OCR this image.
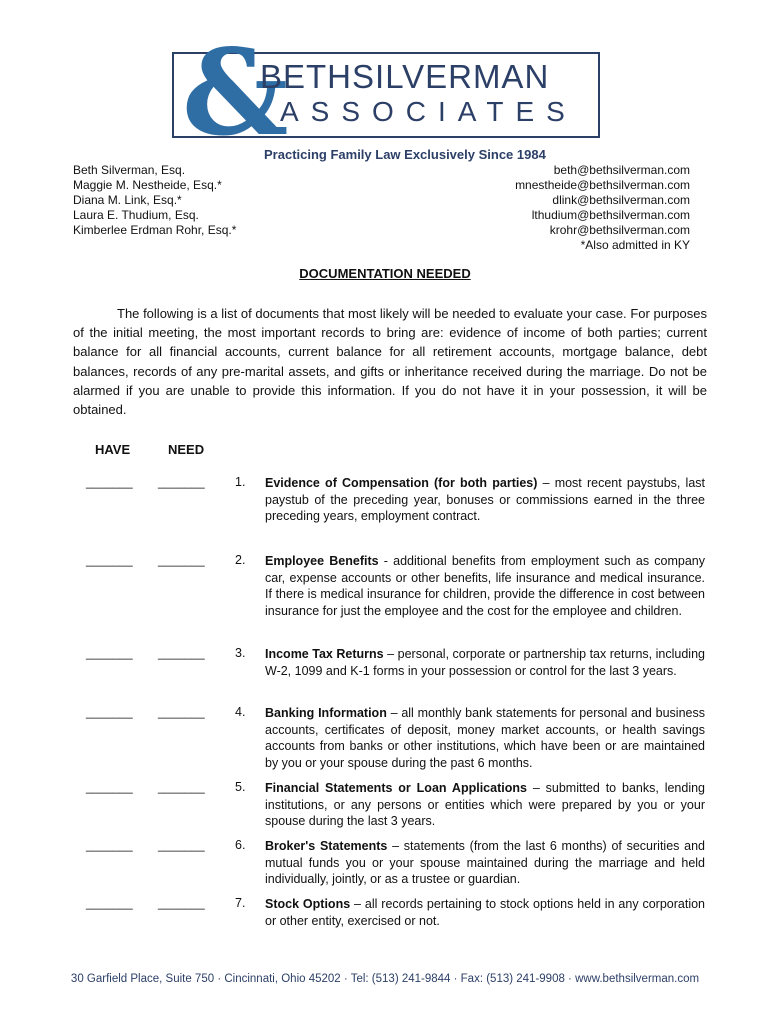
&
BETHSILVERMAN
ASSOCIATES
Practicing Family Law Exclusively Since 1984
Beth Silverman, Esq.
Maggie M. Nestheide, Esq.*
Diana M. Link, Esq.*
Laura E. Thudium, Esq.
Kimberlee Erdman Rohr, Esq.*
beth@bethsilverman.com
mnestheide@bethsilverman.com
dlink@bethsilverman.com
lthudium@bethsilverman.com
krohr@bethsilverman.com
*Also admitted in KY
DOCUMENTATION NEEDED

The following is a list of documents that most likely will be needed to evaluate your case. For purposes of the initial meeting, the most important records to bring are: evidence of income of both parties; current balance for all financial accounts, current balance for all retirement accounts, mortgage balance, debt balances, records of any pre-marital assets, and gifts or inheritance received during the marriage. Do not be alarmed if you are unable to provide this information. If you do not have it in your possession, it will be obtained.

HAVE	NEED
_______ _______ 1. Evidence of Compensation (for both parties) – most recent paystubs, last paystub of the preceding year, bonuses or commissions earned in the three preceding years, employment contract.
_______ _______ 2. Employee Benefits - additional benefits from employment such as company car, expense accounts or other benefits, life insurance and medical insurance. If there is medical insurance for children, provide the difference in cost between insurance for just the employee and the cost for the employee and children.
_______ _______ 3. Income Tax Returns – personal, corporate or partnership tax returns, including W-2, 1099 and K-1 forms in your possession or control for the last 3 years.
_______ _______ 4. Banking Information – all monthly bank statements for personal and business accounts, certificates of deposit, money market accounts, or health savings accounts from banks or other institutions, which have been or are maintained by you or your spouse during the past 6 months.
_______ _______ 5. Financial Statements or Loan Applications – submitted to banks, lending institutions, or any persons or entities which were prepared by you or your spouse during the last 3 years.
_______ _______ 6. Broker's Statements – statements (from the last 6 months) of securities and mutual funds you or your spouse maintained during the marriage and held individually, jointly, or as a trustee or guardian.
_______ _______ 7. Stock Options – all records pertaining to stock options held in any corporation or other entity, exercised or not.
30 Garfield Place, Suite 750 · Cincinnati, Ohio 45202 · Tel: (513) 241-9844 · Fax: (513) 241-9908 · www.bethsilverman.com
